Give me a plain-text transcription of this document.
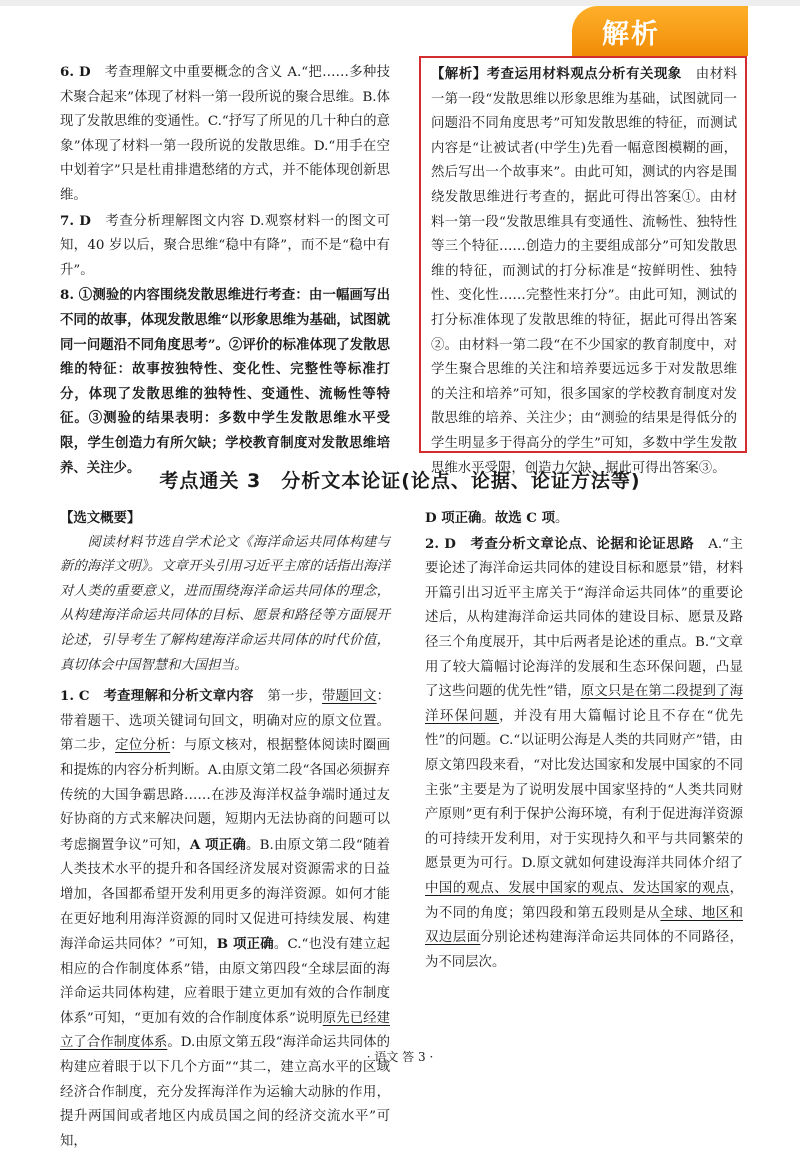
解析

6. D　 考查理解文中重要概念的含义 A.“把……多种技术聚合起来”体现了材料一第一段所说的聚合思维。B.体现了发散思维的变通性。C.“抒写了所见的几十种白的意象”体现了材料一第一段所说的发散思维。D.“用手在空中划着字”只是杜甫排遣愁绪的方式，并不能体现创新思维。

7. D　 考查分析理解图文内容 D.观察材料一的图文可知，40 岁以后，聚合思维“稳中有降”，而不是“稳中有升”。

8. ①测验的内容围绕发散思维进行考查：由一幅画写出不同的故事，体现发散思维“以形象思维为基础，试图就同一问题沿不同角度思考”。②评价的标准体现了发散思维的特征：故事按独特性、变化性、完整性等标准打分，体现了发散思维的独特性、变通性、流畅性等特征。③测验的结果表明：多数中学生发散思维水平受限，学生创造力有所欠缺；学校教育制度对发散思维培养、关注少。

【解析】考查运用材料观点分析有关现象　 由材料一第一段“发散思维以形象思维为基础，试图就同一问题沿不同角度思考”可知发散思维的特征，而测试内容是“让被试者(中学生)先看一幅意图模糊的画，然后写出一个故事来”。由此可知，测试的内容是围绕发散思维进行考查的，据此可得出答案①。由材料一第一段“发散思维具有变通性、流畅性、独特性等三个特征……创造力的主要组成部分”可知发散思维的特征，而测试的打分标准是“按鲜明性、独特性、变化性……完整性来打分”。由此可知，测试的打分标准体现了发散思维的特征，据此可得出答案②。由材料一第二段“在不少国家的教育制度中，对学生聚合思维的关注和培养要远远多于对发散思维的关注和培养”可知，很多国家的学校教育制度对发散思维的培养、关注少；由“测验的结果是得低分的学生明显多于得高分的学生”可知，多数中学生发散思维水平受限，创造力欠缺，据此可得出答案③。

考点通关 3　分析文本论证(论点、论据、论证方法等)

【选文概要】

　　阅读材料节选自学术论文《海洋命运共同体构建与新的海洋文明》。文章开头引用习近平主席的话指出海洋对人类的重要意义，进而围绕海洋命运共同体的理念，从构建海洋命运共同体的目标、愿景和路径等方面展开论述，引导考生了解构建海洋命运共同体的时代价值，真切体会中国智慧和大国担当。

1. C　 考查理解和分析文章内容　 第一步，带题回文：带着题干、选项关键词句回文，明确对应的原文位置。第二步，定位分析：与原文核对，根据整体阅读时圈画和提炼的内容分析判断。A.由原文第二段“各国必须摒弃传统的大国争霸思路……在涉及海洋权益争端时通过友好协商的方式来解决问题，短期内无法协商的问题可以考虑搁置争议”可知，A 项正确。B.由原文第二段“随着人类技术水平的提升和各国经济发展对资源需求的日益增加，各国都希望开发利用更多的海洋资源。如何才能在更好地利用海洋资源的同时又促进可持续发展、构建海洋命运共同体？”可知，B 项正确。C.“也没有建立起相应的合作制度体系”错，由原文第四段“全球层面的海洋命运共同体构建，应着眼于建立更加有效的合作制度体系”可知，“更加有效的合作制度体系”说明原先已经建立了合作制度体系。D.由原文第五段“海洋命运共同体的构建应着眼于以下几个方面”“其二，建立高水平的区域经济合作制度，充分发挥海洋作为运输大动脉的作用，提升两国间或者地区内成员国之间的经济交流水平”可知，

D 项正确。故选 C 项。

2. D　 考查分析文章论点、论据和论证思路　 A.“主要论述了海洋命运共同体的建设目标和愿景”错，材料开篇引出习近平主席关于“海洋命运共同体”的重要论述后，从构建海洋命运共同体的建设目标、愿景及路径三个角度展开，其中后两者是论述的重点。B.“文章用了较大篇幅讨论海洋的发展和生态环保问题，凸显了这些问题的优先性”错，原文只是在第二段提到了海洋环保问题，并没有用大篇幅讨论且不存在“优先性”的问题。C.“以证明公海是人类的共同财产”错，由原文第四段来看，“对比发达国家和发展中国家的不同主张”主要是为了说明发展中国家坚持的“人类共同财产原则”更有利于保护公海环境，有利于促进海洋资源的可持续开发利用，对于实现持久和平与共同繁荣的愿景更为可行。D.原文就如何建设海洋共同体介绍了中国的观点、发展中国家的观点、发达国家的观点，为不同的角度；第四段和第五段则是从全球、地区和双边层面分别论述构建海洋命运共同体的不同路径，为不同层次。

· 语文 答 3 ·
